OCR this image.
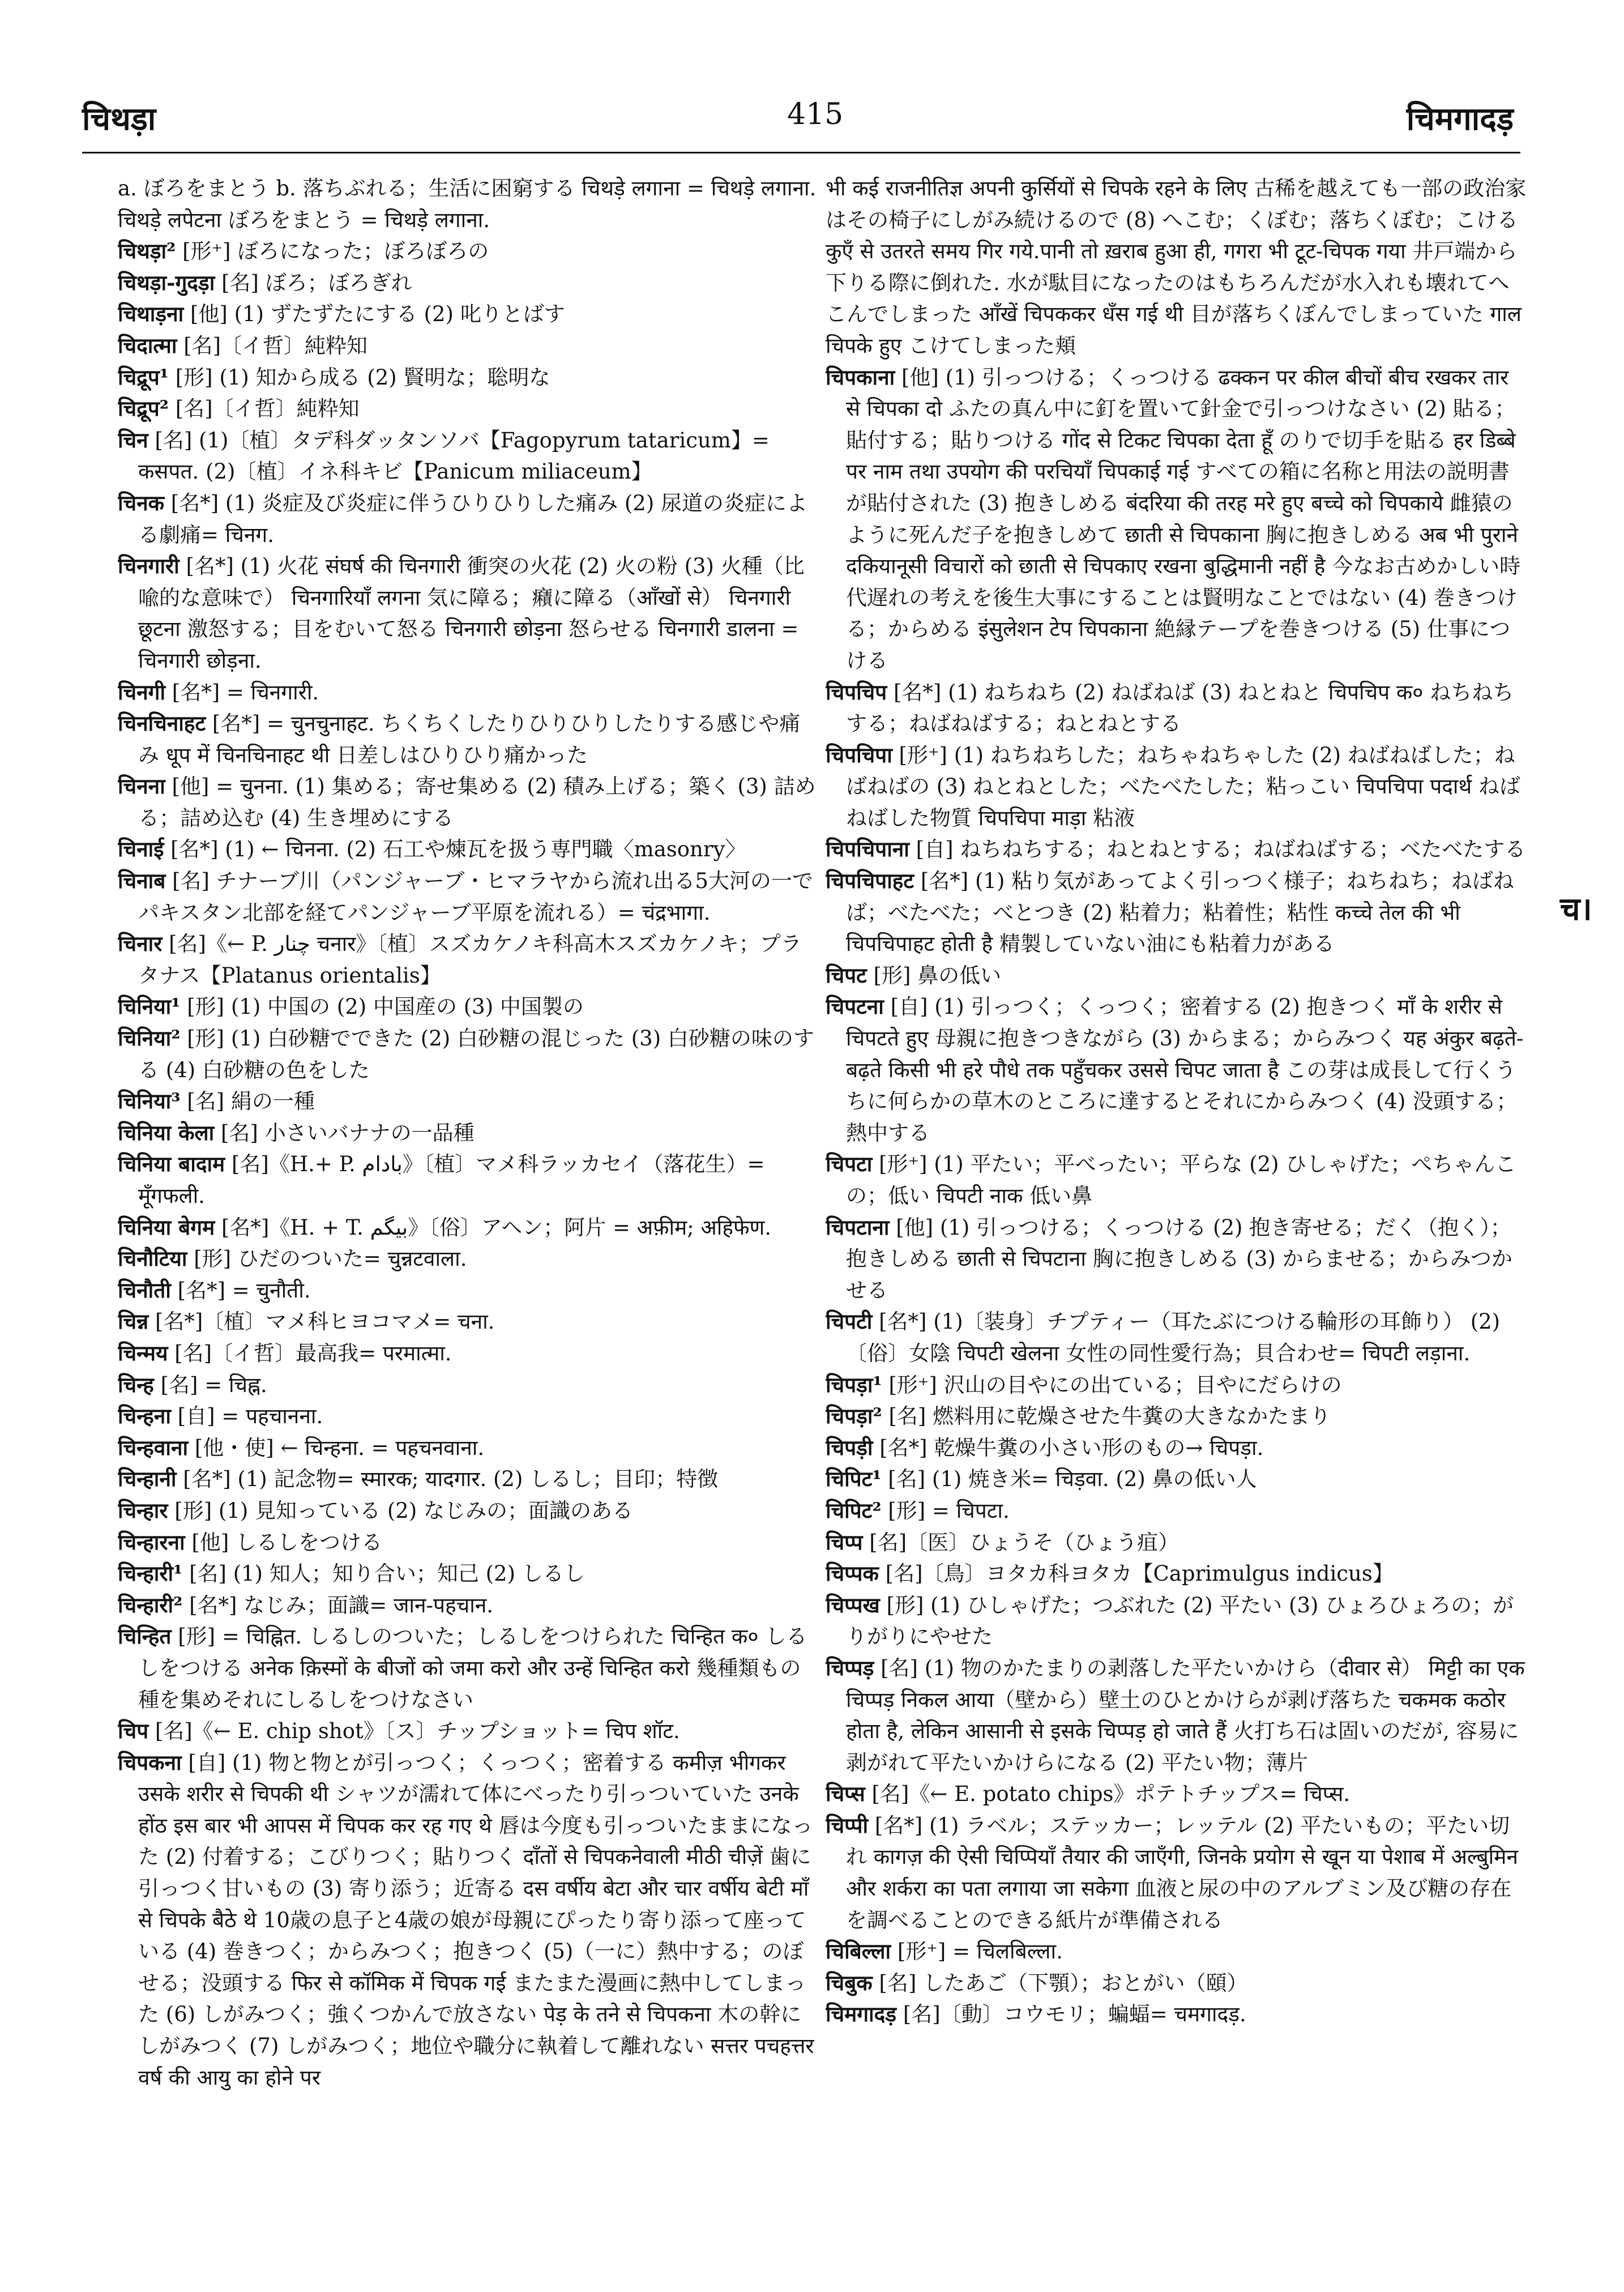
चिथड़ा	415	चिमगादड़

a. ぼろをまとう b. 落ちぶれる；生活に困窮する चिथड़े लगाना = चिथड़े लगाना. चिथड़े लपेटना ぼろをまとう = चिथड़े लगाना.

चिथड़ा² [形⁺] ぼろになった；ぼろぼろの

चिथड़ा-गुदड़ा [名] ぼろ；ぼろぎれ

चिथाड़ना [他] (1) ずたずたにする (2) 叱りとばす

चिदात्मा [名]〔イ哲〕純粋知

चिद्रूप¹ [形] (1) 知から成る (2) 賢明な；聡明な

चिद्रूप² [名]〔イ哲〕純粋知

चिन [名] (1)〔植〕タデ科ダッタンソバ【Fagopyrum tataricum】= कसपत. (2)〔植〕イネ科キビ【Panicum miliaceum】

चिनक [名*] (1) 炎症及び炎症に伴うひりひりした痛み (2) 尿道の炎症による劇痛= चिनग.

चिनगारी [名*] (1) 火花 संघर्ष की चिनगारी 衝突の火花 (2) 火の粉 (3) 火種（比喩的な意味で） चिनगारियाँ लगना 気に障る；癪に障る（आँखों से） चिनगारी छूटना 激怒する；目をむいて怒る चिनगारी छोड़ना 怒らせる चिनगारी डालना = चिनगारी छोड़ना.

चिनगी [名*] = चिनगारी.

चिनचिनाहट [名*] = चुनचुनाहट. ちくちくしたりひりひりしたりする感じや痛み धूप में चिनचिनाहट थी 日差しはひりひり痛かった

चिनना [他] = चुनना. (1) 集める；寄せ集める (2) 積み上げる；築く (3) 詰める；詰め込む (4) 生き埋めにする

चिनाई [名*] (1) ← चिनना. (2) 石工や煉瓦を扱う専門職〈masonry〉

चिनाब [名] チナーブ川（パンジャーブ・ヒマラヤから流れ出る5大河の一でパキスタン北部を経てパンジャーブ平原を流れる）= चंद्रभागा.

चिनार [名]《← P. چنار चनार》〔植〕スズカケノキ科高木スズカケノキ；プラタナス【Platanus orientalis】

चिनिया¹ [形] (1) 中国の (2) 中国産の (3) 中国製の

चिनिया² [形] (1) 白砂糖でできた (2) 白砂糖の混じった (3) 白砂糖の味のする (4) 白砂糖の色をした

चिनिया³ [名] 絹の一種

चिनिया केला [名] 小さいバナナの一品種

चिनिया बादाम [名]《H.+ P. بادام》〔植〕マメ科ラッカセイ（落花生）= मूँगफली.

चिनिया बेगम [名*]《H. + T. بیگم》〔俗〕アヘン；阿片 = अफ़ीम; अहिफेण.

चिनौटिया [形] ひだのついた= चुन्नटवाला.

चिनौती [名*] = चुनौती.

चिन्न [名*]〔植〕マメ科ヒヨコマメ= चना.

चिन्मय [名]〔イ哲〕最高我= परमात्मा.

चिन्ह [名] = चिह्न.

चिन्हना [自] = पहचानना.

चिन्हवाना [他・使] ← चिन्हना. = पहचनवाना.

चिन्हानी [名*] (1) 記念物= स्मारक; यादगार. (2) しるし；目印；特徴

चिन्हार [形] (1) 見知っている (2) なじみの；面識のある

चिन्हारना [他] しるしをつける

चिन्हारी¹ [名] (1) 知人；知り合い；知己 (2) しるし

चिन्हारी² [名*] なじみ；面識= जान-पहचान.

चिन्हित [形] = चिह्नित. しるしのついた；しるしをつけられた चिन्हित क० しるしをつける अनेक क़िस्मों के बीजों को जमा करो और उन्हें चिन्हित करो 幾種類もの種を集めそれにしるしをつけなさい

चिप [名]《← E. chip shot》〔ス〕チップショット= चिप शॉट.

चिपकना [自] (1) 物と物とが引っつく；くっつく；密着する कमीज़ भीगकर उसके शरीर से चिपकी थी シャツが濡れて体にべったり引っついていた उनके होंठ इस बार भी आपस में चिपक कर रह गए थे 唇は今度も引っついたままになった (2) 付着する；こびりつく；貼りつく दाँतों से चिपकनेवाली मीठी चीज़ें 歯に引っつく甘いもの (3) 寄り添う；近寄る दस वर्षीय बेटा और चार वर्षीय बेटी माँ से चिपके बैठे थे 10歳の息子と4歳の娘が母親にぴったり寄り添って座っている (4) 巻きつく；からみつく；抱きつく (5)（一に）熱中する；のぼせる；没頭する फिर से कॉमिक में चिपक गई またまた漫画に熱中してしまった (6) しがみつく；強くつかんで放さない पेड़ के तने से चिपकना 木の幹にしがみつく (7) しがみつく；地位や職分に執着して離れない सत्तर पचहत्तर वर्ष की आयु का होने पर

भी कई राजनीतिज्ञ अपनी कुर्सियों से चिपके रहने के लिए 古稀を越えても一部の政治家はその椅子にしがみ続けるので (8) へこむ；くぼむ；落ちくぼむ；こける कुएँ से उतरते समय गिर गये.पानी तो ख़राब हुआ ही, गगरा भी टूट-चिपक गया 井戸端から下りる際に倒れた. 水が駄目になったのはもちろんだが水入れも壊れてへこんでしまった आँखें चिपककर धँस गई थी 目が落ちくぼんでしまっていた गाल चिपके हुए こけてしまった頬

चिपकाना [他] (1) 引っつける；くっつける ढक्कन पर कील बीचों बीच रखकर तार से चिपका दो ふたの真ん中に釘を置いて針金で引っつけなさい (2) 貼る；貼付する；貼りつける गोंद से टिकट चिपका देता हूँ のりで切手を貼る हर डिब्बे पर नाम तथा उपयोग की परचियाँ चिपकाई गई すべての箱に名称と用法の説明書が貼付された (3) 抱きしめる बंदरिया की तरह मरे हुए बच्चे को चिपकाये 雌猿のように死んだ子を抱きしめて छाती से चिपकाना 胸に抱きしめる अब भी पुराने दकियानूसी विचारों को छाती से चिपकाए रखना बुद्धिमानी नहीं है 今なお古めかしい時代遅れの考えを後生大事にすることは賢明なことではない (4) 巻きつける；からめる इंसुलेशन टेप चिपकाना 絶縁テープを巻きつける (5) 仕事につける

चिपचिप [名*] (1) ねちねち (2) ねばねば (3) ねとねと चिपचिप क० ねちねちする；ねばねばする；ねとねとする

चिपचिपा [形⁺] (1) ねちねちした；ねちゃねちゃした (2) ねばねばした；ねばねばの (3) ねとねとした；べたべたした；粘っこい चिपचिपा पदार्थ ねばねばした物質 चिपचिपा माड़ा 粘液

चिपचिपाना [自] ねちねちする；ねとねとする；ねばねばする；べたべたする

चिपचिपाहट [名*] (1) 粘り気があってよく引っつく様子；ねちねち；ねばねば；べたべた；べとつき (2) 粘着力；粘着性；粘性 कच्चे तेल की भी चिपचिपाहट होती है 精製していない油にも粘着力がある

चिपट [形] 鼻の低い

चिपटना [自] (1) 引っつく；くっつく；密着する (2) 抱きつく माँ के शरीर से चिपटते हुए 母親に抱きつきながら (3) からまる；からみつく यह अंकुर बढ़ते-बढ़ते किसी भी हरे पौधे तक पहुँचकर उससे चिपट जाता है この芽は成長して行くうちに何らかの草木のところに達するとそれにからみつく (4) 没頭する；熱中する

चिपटा [形⁺] (1) 平たい；平べったい；平らな (2) ひしゃげた；ぺちゃんこの；低い चिपटी नाक 低い鼻

चिपटाना [他] (1) 引っつける；くっつける (2) 抱き寄せる；だく（抱く）；抱きしめる छाती से चिपटाना 胸に抱きしめる (3) からませる；からみつかせる

चिपटी [名*] (1)〔装身〕チプティー（耳たぶにつける輪形の耳飾り） (2)〔俗〕女陰 चिपटी खेलना 女性の同性愛行為；貝合わせ= चिपटी लड़ाना.

चिपड़ा¹ [形⁺] 沢山の目やにの出ている；目やにだらけの

चिपड़ा² [名] 燃料用に乾燥させた牛糞の大きなかたまり

चिपड़ी [名*] 乾燥牛糞の小さい形のもの→ चिपड़ा.

चिपिट¹ [名] (1) 焼き米= चिड़वा. (2) 鼻の低い人

चिपिट² [形] = चिपटा.

चिप्प [名]〔医〕ひょうそ（ひょう疽）

चिप्पक [名]〔鳥〕ヨタカ科ヨタカ【Caprimulgus indicus】

चिप्पख [形] (1) ひしゃげた；つぶれた (2) 平たい (3) ひょろひょろの；がりがりにやせた

चिप्पड़ [名] (1) 物のかたまりの剥落した平たいかけら（दीवार से） मिट्टी का एक चिप्पड़ निकल आया（壁から）壁土のひとかけらが剥げ落ちた चकमक कठोर होता है, लेकिन आसानी से इसके चिप्पड़ हो जाते हैं 火打ち石は固いのだが, 容易に剥がれて平たいかけらになる (2) 平たい物；薄片

चिप्स [名]《← E. potato chips》ポテトチップス= चिप्स.

चिप्पी [名*] (1) ラベル；ステッカー；レッテル (2) 平たいもの；平たい切れ कागज़ की ऐसी चिप्पियाँ तैयार की जाएँगी, जिनके प्रयोग से खून या पेशाब में अल्बुमिन और शर्करा का पता लगाया जा सकेगा 血液と尿の中のアルブミン及び糖の存在を調べることのできる紙片が準備される

चिबिल्ला [形⁺] = चिलबिल्ला.

चिबुक [名] したあご（下顎）；おとがい（頤）

चिमगादड़ [名]〔動〕コウモリ；蝙蝠= चमगादड़.

च।
